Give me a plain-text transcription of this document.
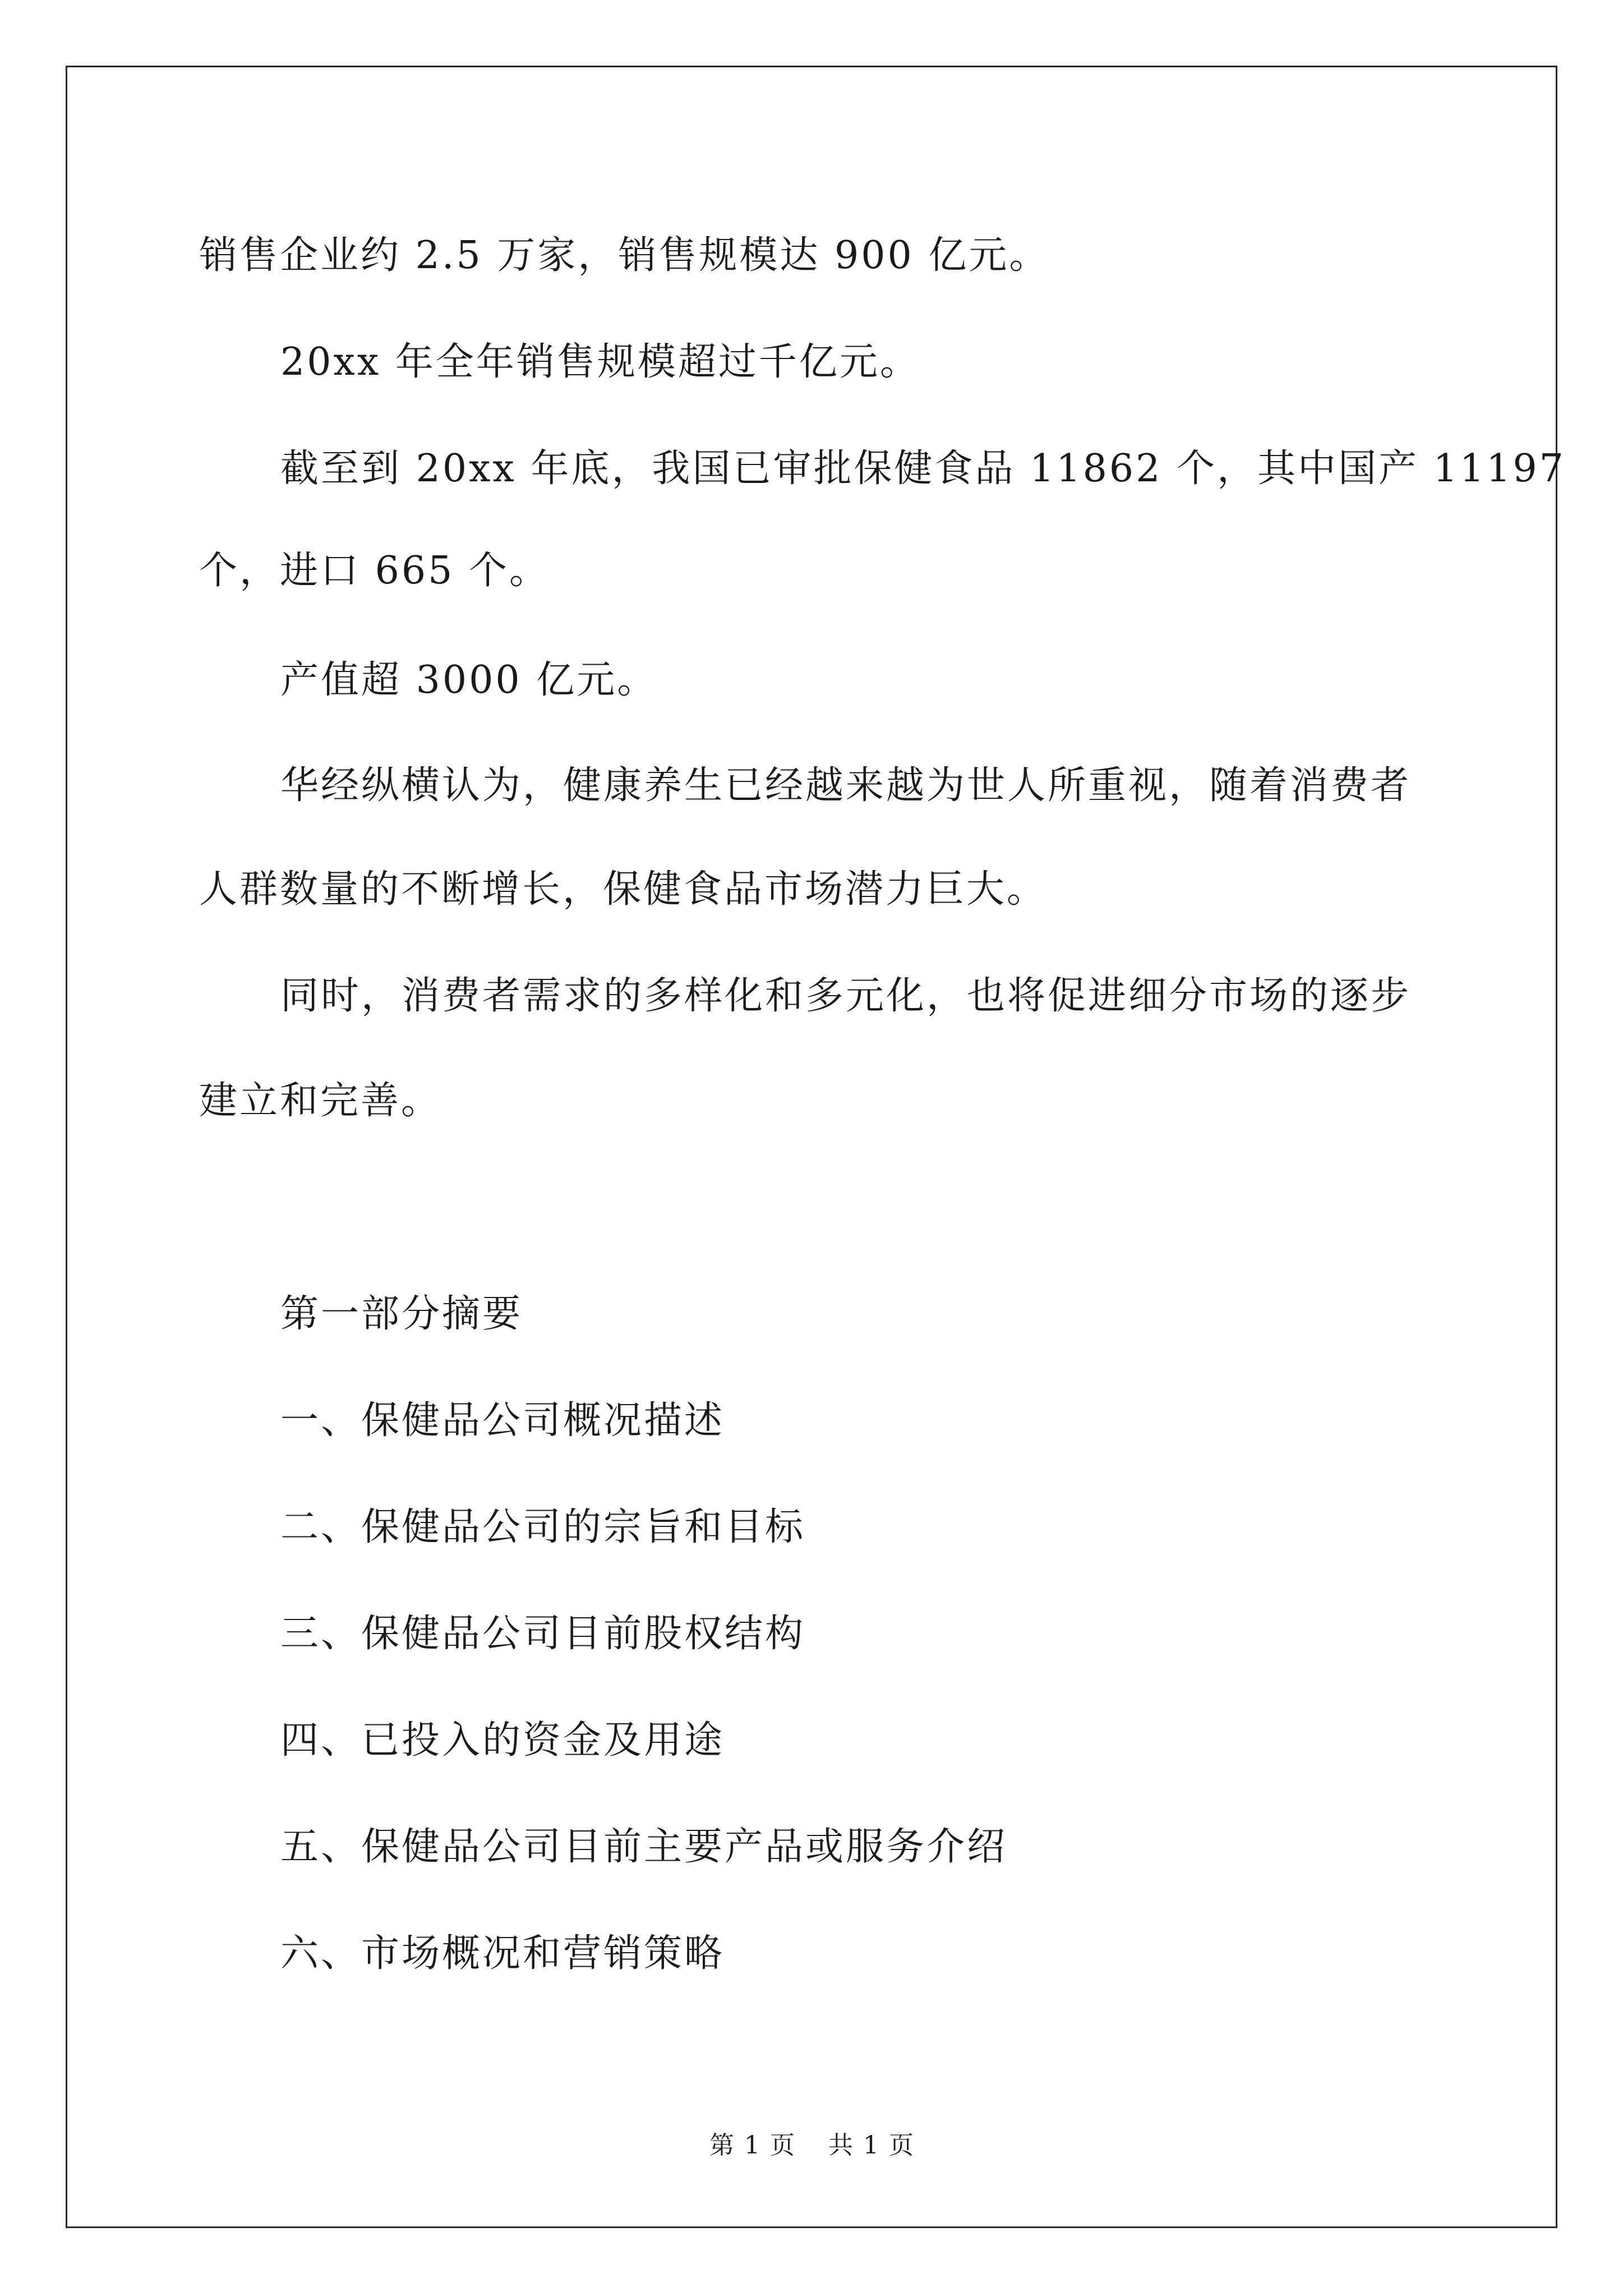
销售企业约 2.5 万家，销售规模达 900 亿元。

20xx 年全年销售规模超过千亿元。

截至到 20xx 年底，我国已审批保健食品 11862 个，其中国产 11197

个，进口 665 个。

产值超 3000 亿元。

华经纵横认为，健康养生已经越来越为世人所重视，随着消费者

人群数量的不断增长，保健食品市场潜力巨大。

同时，消费者需求的多样化和多元化，也将促进细分市场的逐步

建立和完善。

第一部分摘要

一、保健品公司概况描述

二、保健品公司的宗旨和目标

三、保健品公司目前股权结构

四、已投入的资金及用途

五、保健品公司目前主要产品或服务介绍

六、市场概况和营销策略

第 1 页 共 1 页
